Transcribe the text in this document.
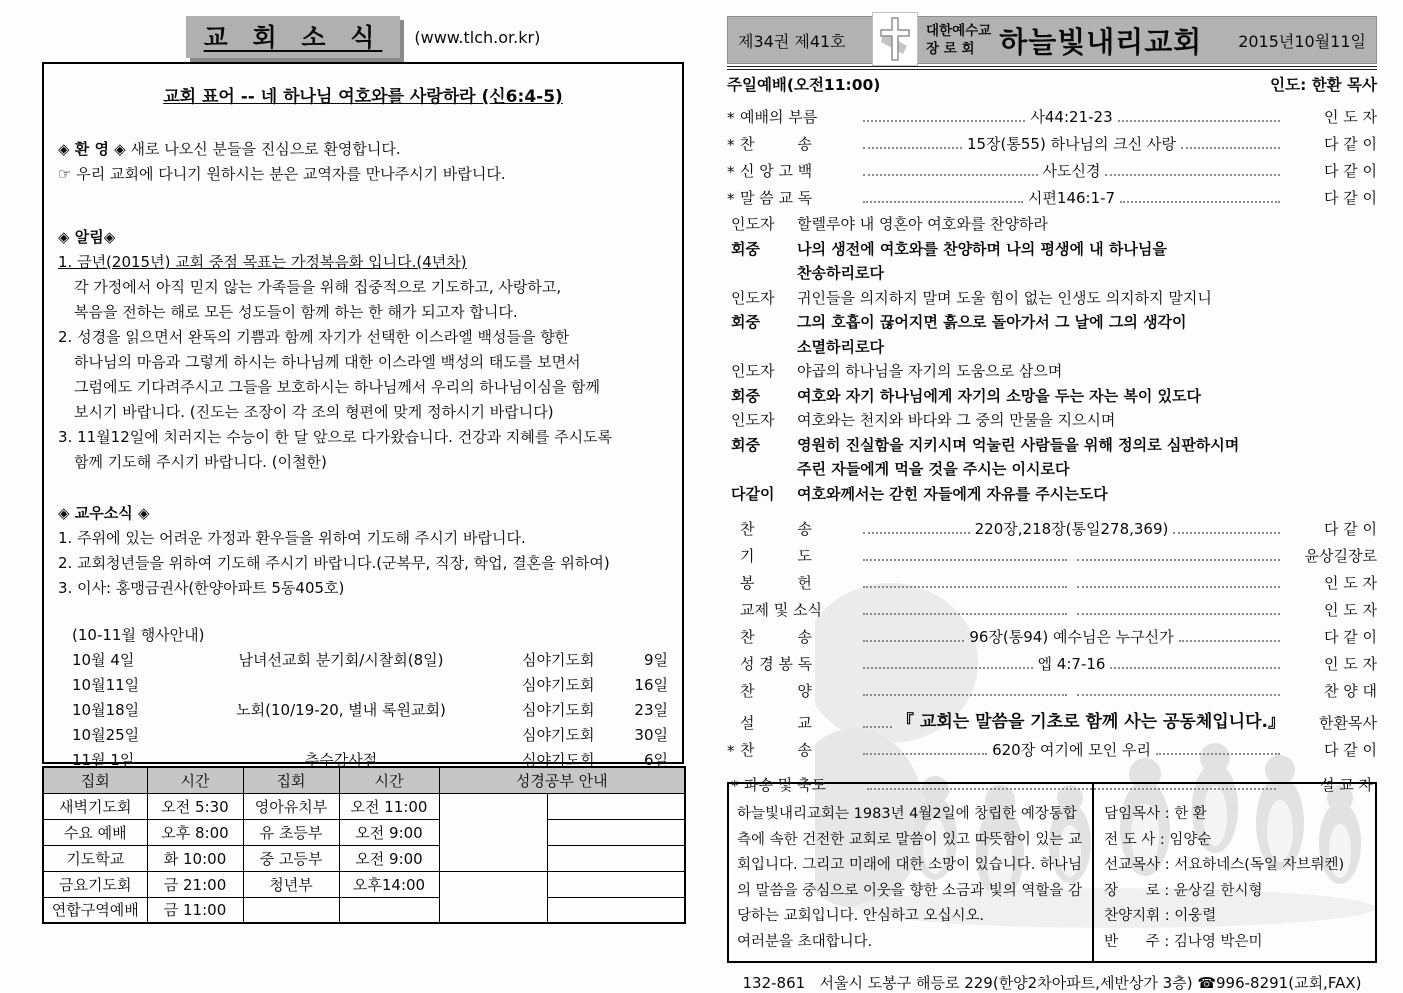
교 회 소 식	(www.tlch.or.kr)
교회 표어 -- 네 하나님 여호와를 사랑하라 (신6:4-5)
◈ 환 영 ◈ 새로 나오신 분들을 진심으로 환영합니다.
☞ 우리 교회에 다니기 원하시는 분은 교역자를 만나주시기 바랍니다.
◈ 알림◈
1. 금년(2015년) 교회 중점 목표는 가정복음화 입니다.(4년차)
각 가정에서 아직 믿지 않는 가족들을 위해 집중적으로 기도하고, 사랑하고,
복음을 전하는 해로 모든 성도들이 함께 하는 한 해가 되고자 합니다.
2. 성경을 읽으면서 완독의 기쁨과 함께 자기가 선택한 이스라엘 백성들을 향한
하나님의 마음과 그렇게 하시는 하나님께 대한 이스라엘 백성의 태도를 보면서
그럼에도 기다려주시고 그들을 보호하시는 하나님께서 우리의 하나님이심을 함께
보시기 바랍니다. (진도는 조장이 각 조의 형편에 맞게 정하시기 바랍니다)
3. 11월12일에 치러지는 수능이 한 달 앞으로 다가왔습니다. 건강과 지혜를 주시도록
함께 기도해 주시기 바랍니다. (이철한)
◈ 교우소식 ◈
1. 주위에 있는 어려운 가정과 환우들을 위하여 기도해 주시기 바랍니다.
2. 교회청년들을 위하여 기도해 주시기 바랍니다.(군복무, 직장, 학업, 결혼을 위하여)
3. 이사: 홍맹금권사(한양아파트 5동405호)
(10-11월 행사안내)
10월 4일	남녀선교회 분기회/시찰회(8일)	심야기도회	9일
10월11일	심야기도회	16일
10월18일	노회(10/19-20, 별내 록원교회)	심야기도회	23일
10월25일	심야기도회	30일
11월 1일	추수감사절	심야기도회	6일
집회	시간	집회	시간	성경공부 안내	
새벽기도회	오전 5:30	영아유치부	오전 11:00		
수요 예배	오후 8:00	유 초등부	오전 9:00		
기도학교	화 10:00	중 고등부	오전 9:00		
금요기도회	금 21:00	청년부	오후14:00		
연합구역예배	금 11:00				
제34권 제41호
대한예수교
장 로 회 하늘빛내리교회 2015년10월11일
주일예배(오전11:00)	인도: 한환 목사
* 예배의 부름	사44:21-23	인 도 자
* 찬         송	15장(통55) 하나님의 크신 사랑	다 같 이
* 신 앙 고 백	사도신경	다 같 이
* 말 씀 교 독	시편146:1-7	다 같 이
인도자	할렐루야 내 영혼아 여호와를 찬양하라
회중	나의 생전에 여호와를 찬양하며 나의 평생에 내 하나님을
찬송하리로다
인도자	귀인들을 의지하지 말며 도울 힘이 없는 인생도 의지하지 말지니
회중	그의 호흡이 끊어지면 흙으로 돌아가서 그 날에 그의 생각이
소멸하리로다
인도자	야곱의 하나님을 자기의 도움으로 삼으며
회중	여호와 자기 하나님에게 자기의 소망을 두는 자는 복이 있도다
인도자	여호와는 천지와 바다와 그 중의 만물을 지으시며
회중	영원히 진실함을 지키시며 억눌린 사람들을 위해 정의로 심판하시며
주린 자들에게 먹을 것을 주시는 이시로다
다같이	여호와께서는 갇힌 자들에게 자유를 주시는도다
찬         송	220장,218장(통일278,369)	다 같 이
기         도	윤상길장로
봉         헌	인 도 자
교제 및 소식	인 도 자
찬         송	96장(통94) 예수님은 누구신가	다 같 이
성 경 봉 독	엡 4:7-16	인 도 자
찬         양	찬 양 대
설         교	『 교회는 말씀을 기초로 함께 사는 공동체입니다.』	한환목사
* 찬         송	620장 여기에 모인 우리	다 같 이
* 파송 및 축도	설 교 자
하늘빛내리교회는 1983년 4월2일에 창립한 예장통합 측에 속한 건전한 교회로 말씀이 있고 따뜻함이 있는 교회입니다. 그리고 미래에 대한 소망이 있습니다. 하나님의 말씀을 중심으로 이웃을 향한 소금과 빛의 역할을 감당하는 교회입니다. 안심하고 오십시오.
여러분을 초대합니다.
담임목사 : 한 환
전 도 사 : 임양순
선교목사 : 서요하네스(독일 자브뤼켄)
장      로 : 윤상길 한시형
찬양지휘 : 이웅렬
반      주 : 김나영 박은미
132-861   서울시 도봉구 해등로 229(한양2차아파트,세반상가 3층) ☎996-8291(교회,FAX)
